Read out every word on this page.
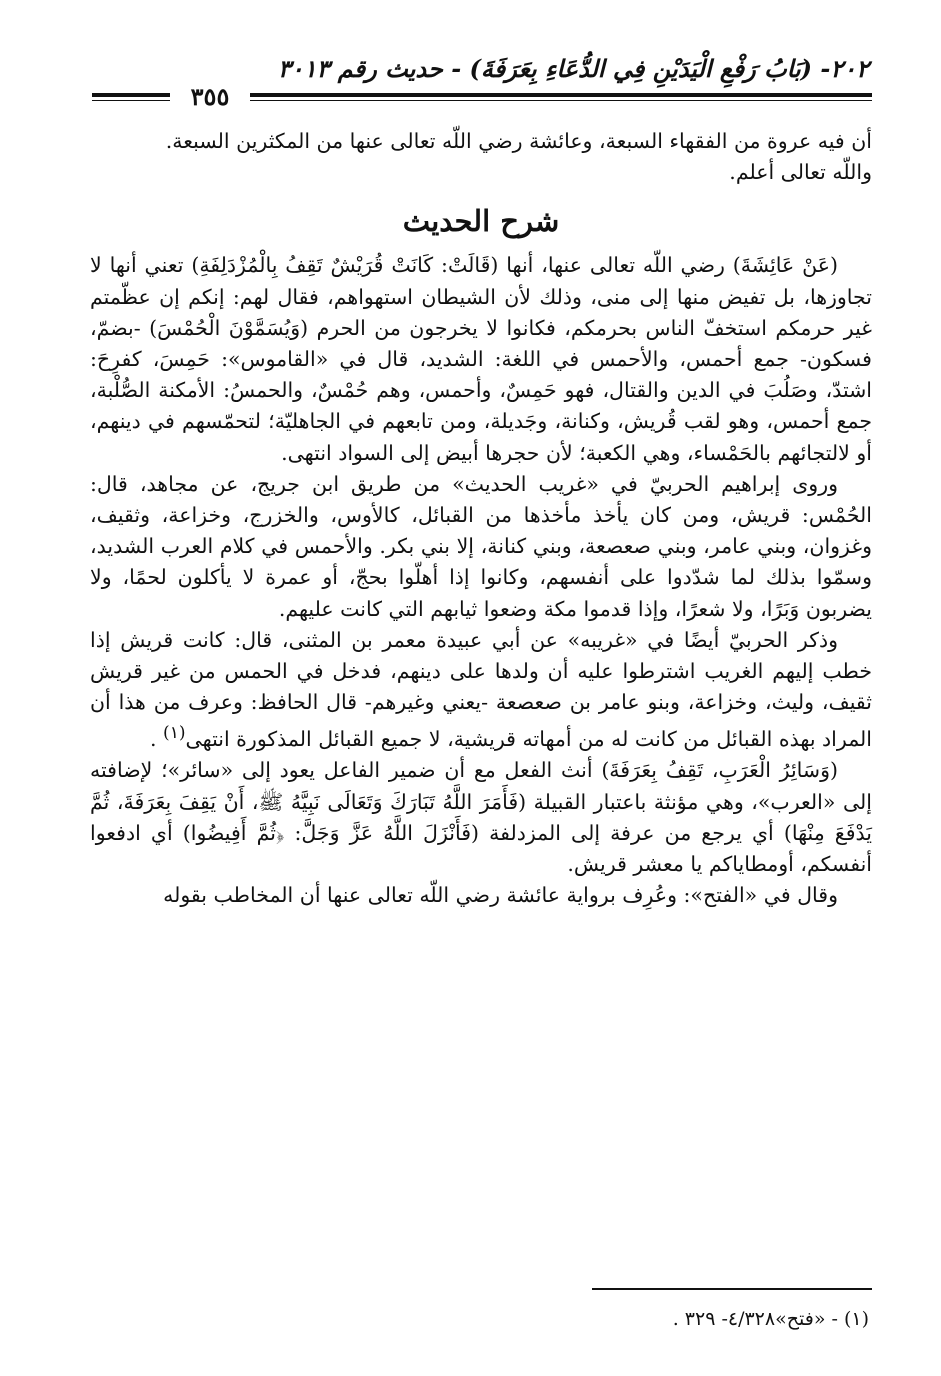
٢٠٢- (بَابُ رَفْعِ الْيَدَيْنِ فِي الدُّعَاءِ بِعَرَفَةَ) - حديث رقم ٣٠١٣
٣٥٥

أن فيه عروة من الفقهاء السبعة، وعائشة رضي اللّه تعالى عنها من المكثرين السبعة.

واللّه تعالى أعلم.

شرح الحديث

(عَنْ عَائِشَةَ) رضي اللّه تعالى عنها، أنها (قَالَتْ: كَانَتْ قُرَيْشٌ تَقِفُ بِالْمُزْدَلِفَةِ) تعني أنها لا تجاوزها، بل تفيض منها إلى منى، وذلك لأن الشيطان استهواهم، فقال لهم: إنكم إن عظّمتم غير حرمكم استخفّ الناس بحرمكم، فكانوا لا يخرجون من الحرم (وَيُسَمَّوْنَ الْحُمْسَ) -بضمّ، فسكون- جمع أحمس، والأحمس في اللغة: الشديد، قال في «القاموس»: حَمِسَ، كفرِحَ: اشتدّ، وصَلُبَ في الدين والقتال، فهو حَمِسٌ، وأحمس، وهم حُمْسٌ، والحمسُ: الأمكنة الصُّلْبة، جمع أحمس، وهو لقب قُريش، وكنانة، وجَديلة، ومن تابعهم في الجاهليّة؛ لتحمّسهم في دينهم، أو لالتجائهم بالحَمْساء، وهي الكعبة؛ لأن حجرها أبيض إلى السواد انتهى.

وروى إبراهيم الحربيّ في «غريب الحديث» من طريق ابن جريج، عن مجاهد، قال: الحُمْس: قريش، ومن كان يأخذ مأخذها من القبائل، كالأوس، والخزرج، وخزاعة، وثقيف، وغزوان، وبني عامر، وبني صعصعة، وبني كنانة، إلا بني بكر. والأحمس في كلام العرب الشديد، وسمّوا بذلك لما شدّدوا على أنفسهم، وكانوا إذا أهلّوا بحجّ، أو عمرة لا يأكلون لحمًا، ولا يضربون وَبَرًا، ولا شعرًا، وإذا قدموا مكة وضعوا ثيابهم التي كانت عليهم.

وذكر الحربيّ أيضًا في «غريبه» عن أبي عبيدة معمر بن المثنى، قال: كانت قريش إذا خطب إليهم الغريب اشترطوا عليه أن ولدها على دينهم، فدخل في الحمس من غير قريش ثقيف، وليث، وخزاعة، وبنو عامر بن صعصعة -يعني وغيرهم- قال الحافظ: وعرف من هذا أن المراد بهذه القبائل من كانت له من أمهاته قريشية، لا جميع القبائل المذكورة انتهى$^{(١)}$ .

(وَسَائِرُ الْعَرَبِ، تَقِفُ بِعَرَفَةَ) أنث الفعل مع أن ضمير الفاعل يعود إلى «سائر»؛ لإضافته إلى «العرب»، وهي مؤنثة باعتبار القبيلة (فَأَمَرَ اللَّهُ تَبَارَكَ وَتَعَالَى نَبِيَّهُ ﷺ، أَنْ يَقِفَ بِعَرَفَةَ، ثُمَّ يَدْفَعَ مِنْهَا) أي يرجع من عرفة إلى المزدلفة (فَأَنْزَلَ اللَّهُ عَزَّ وَجَلَّ: ﴿ثُمَّ أَفِيضُوا) أي ادفعوا أنفسكم، أومطاياكم يا معشر قريش.

وقال في «الفتح»: وعُرِف برواية عائشة رضي اللّه تعالى عنها أن المخاطب بقوله

(١) - «فتح»٤/٣٢٨- ٣٢٩ .
